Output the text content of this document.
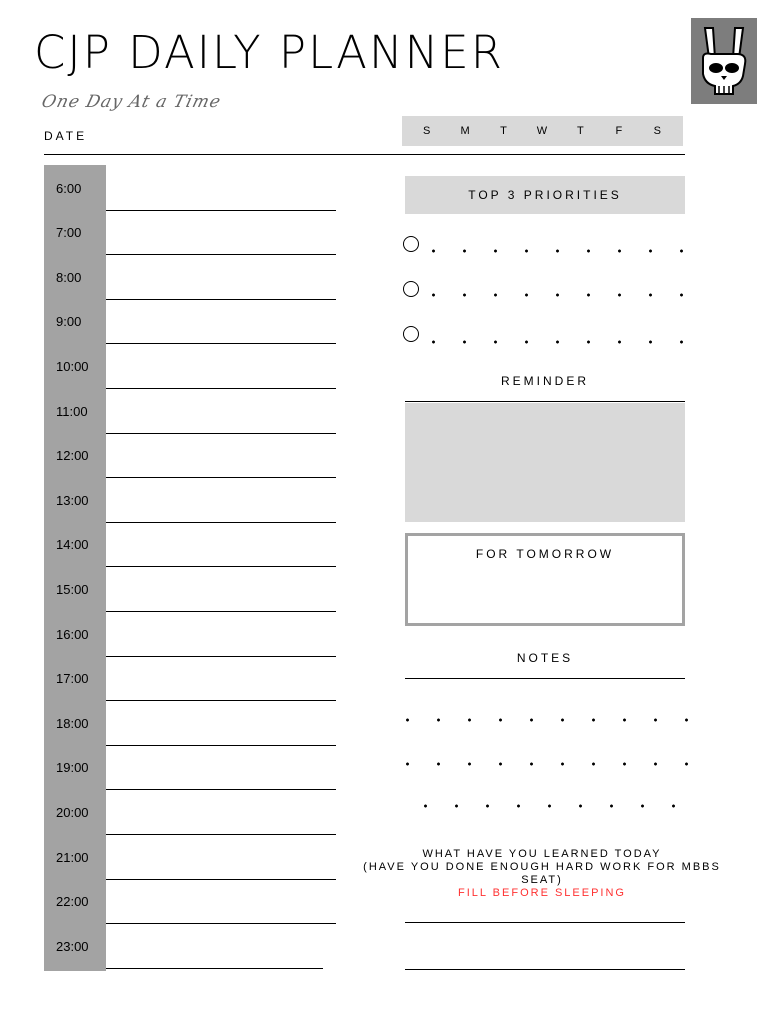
CJP DAILY PLANNER
One Day At a Time
DATE	S	M	T	W	T	F	S
6:00
7:00
8:00
9:00
10:00
11:00
12:00
13:00
14:00
15:00
16:00
17:00
18:00
19:00
20:00
21:00
22:00
23:00
TOP 3 PRIORITIES
REMINDER
FOR TOMORROW
NOTES
WHAT HAVE YOU LEARNED TODAY
(HAVE YOU DONE ENOUGH HARD WORK FOR MBBS SEAT)
FILL BEFORE SLEEPING
